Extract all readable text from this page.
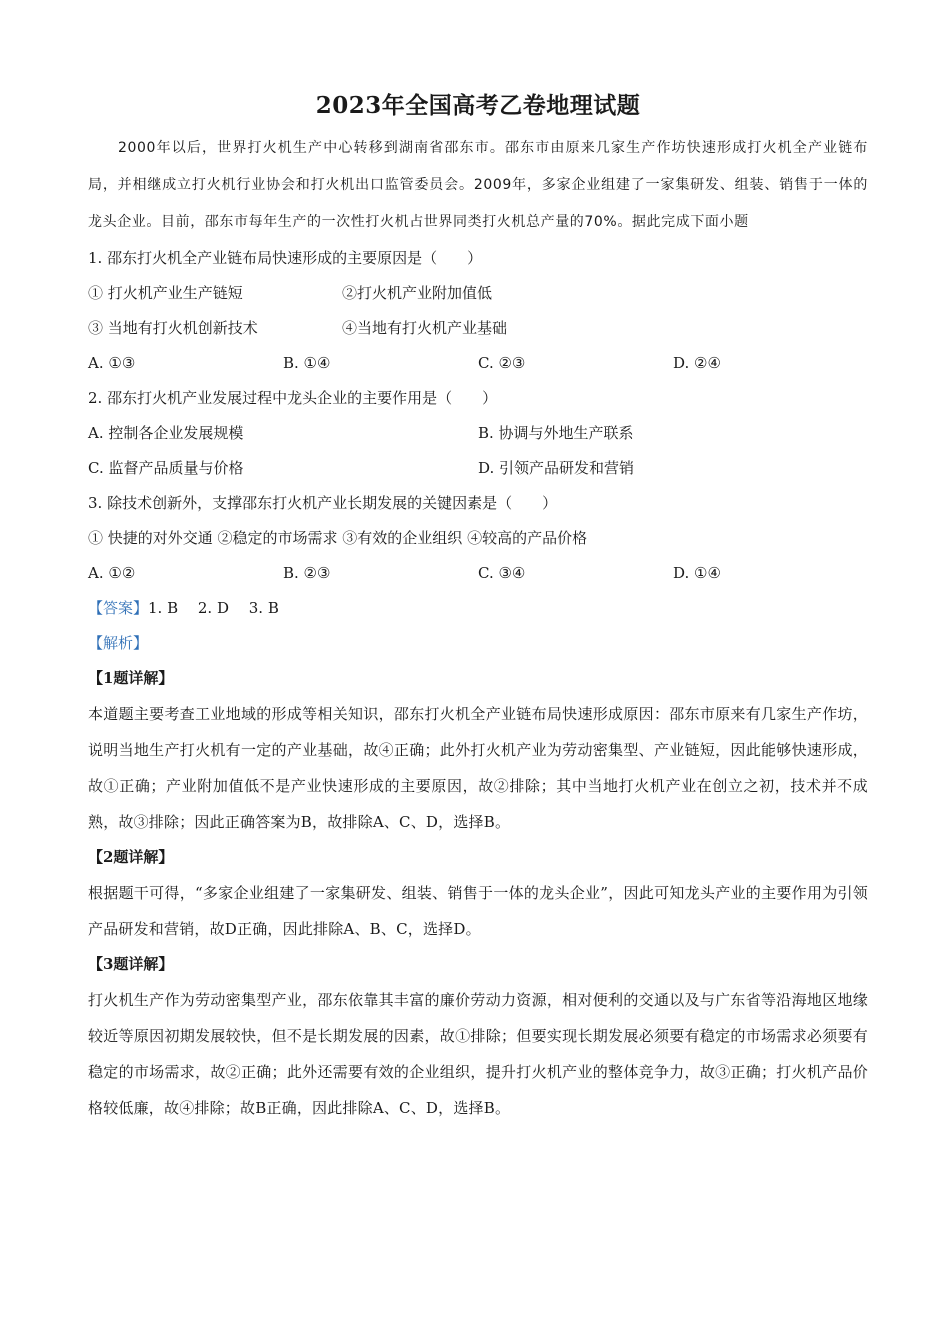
2023年全国高考乙卷地理试题

2000年以后，世界打火机生产中心转移到湖南省邵东市。邵东市由原来几家生产作坊快速形成打火机全产业链布局，并相继成立打火机行业协会和打火机出口监管委员会。2009年，多家企业组建了一家集研发、组装、销售于一体的龙头企业。目前，邵东市每年生产的一次性打火机占世界同类打火机总产量的70%。据此完成下面小题

1. 邵东打火机全产业链布局快速形成的主要原因是（　　）
① 打火机产业生产链短	②打火机产业附加值低
③ 当地有打火机创新技术	④当地有打火机产业基础
A. ①③	B. ①④	C. ②③	D. ②④
2. 邵东打火机产业发展过程中龙头企业的主要作用是（　　）
A. 控制各企业发展规模	B. 协调与外地生产联系
C. 监督产品质量与价格	D. 引领产品研发和营销
3. 除技术创新外，支撑邵东打火机产业长期发展的关键因素是（　　）
① 快捷的对外交通 ②稳定的市场需求 ③有效的企业组织 ④较高的产品价格
A. ①②	B. ②③	C. ③④	D. ①④
【答案】1. B　 2. D　 3. B
【解析】
【1题详解】

本道题主要考查工业地域的形成等相关知识，邵东打火机全产业链布局快速形成原因：邵东市原来有几家生产作坊，说明当地生产打火机有一定的产业基础，故④正确；此外打火机产业为劳动密集型、产业链短，因此能够快速形成，故①正确；产业附加值低不是产业快速形成的主要原因，故②排除；其中当地打火机产业在创立之初，技术并不成熟，故③排除；因此正确答案为B，故排除A、C、D，选择B。

【2题详解】

根据题干可得，“多家企业组建了一家集研发、组装、销售于一体的龙头企业”，因此可知龙头产业的主要作用为引领产品研发和营销，故D正确，因此排除A、B、C，选择D。

【3题详解】

打火机生产作为劳动密集型产业，邵东依靠其丰富的廉价劳动力资源，相对便利的交通以及与广东省等沿海地区地缘较近等原因初期发展较快，但不是长期发展的因素，故①排除；但要实现长期发展必须要有稳定的市场需求必须要有稳定的市场需求，故②正确；此外还需要有效的企业组织，提升打火机产业的整体竞争力，故③正确；打火机产品价格较低廉，故④排除；故B正确，因此排除A、C、D，选择B。
